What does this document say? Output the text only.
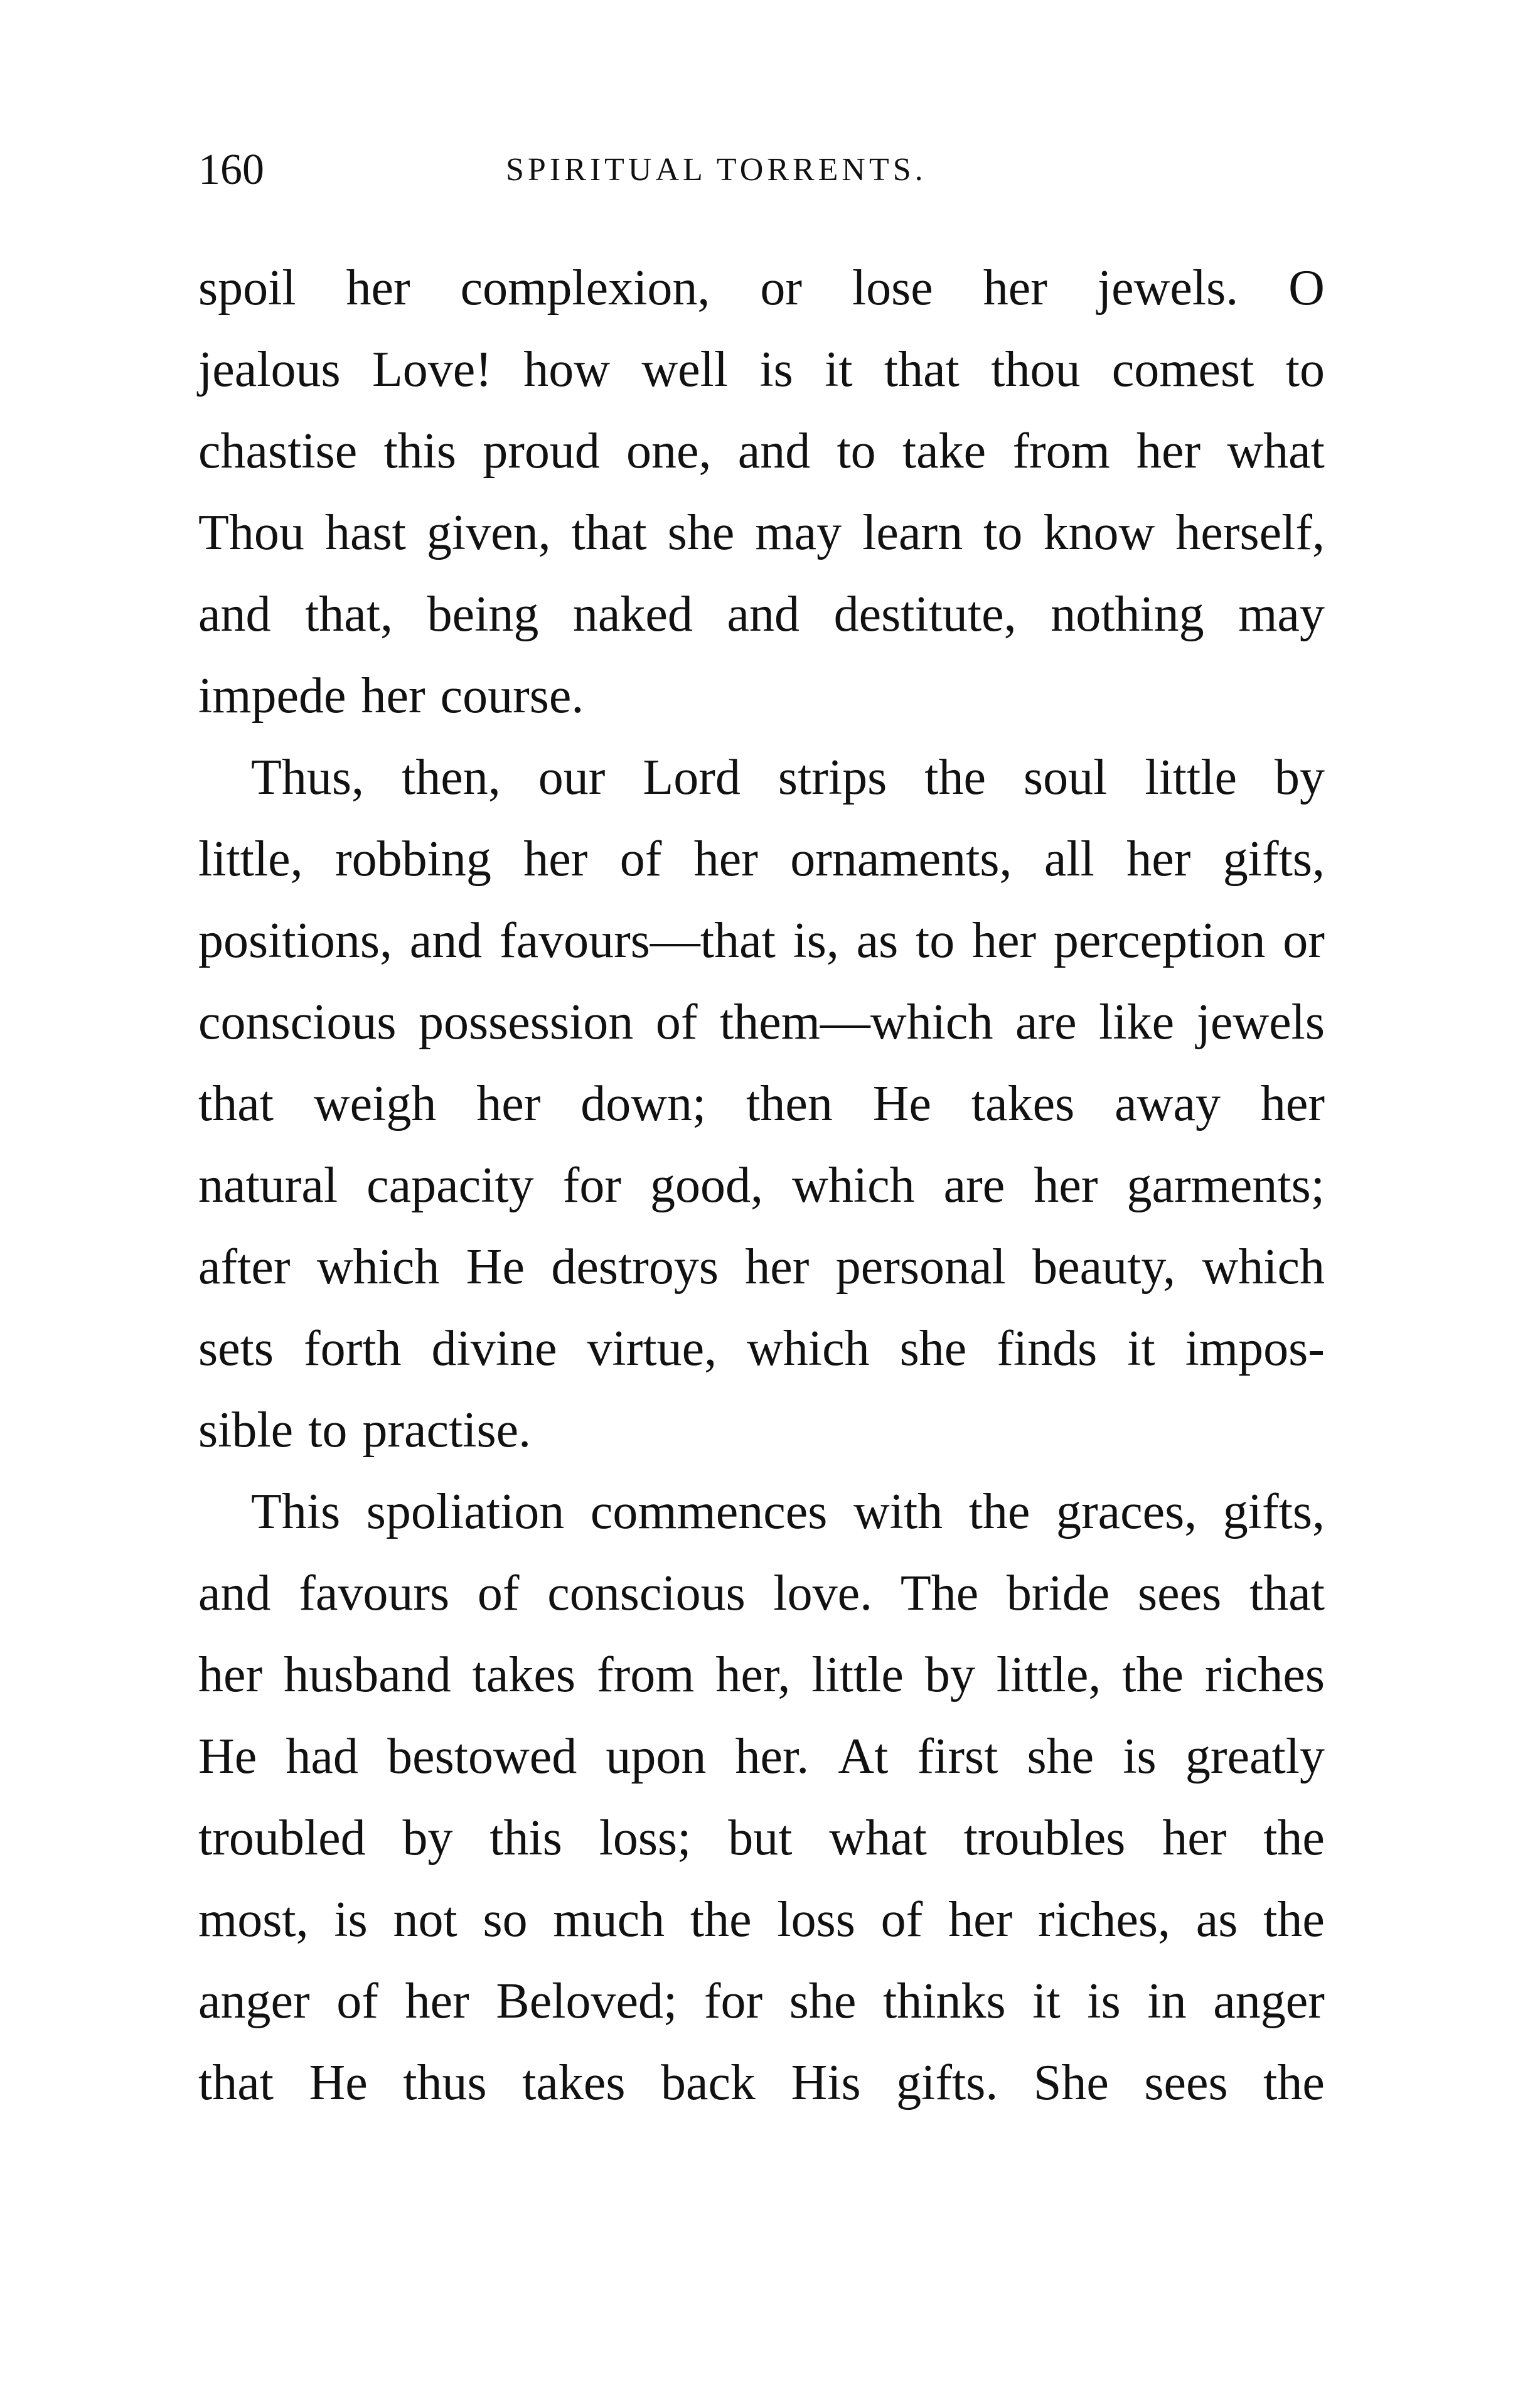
160	SPIRITUAL TORRENTS.
spoil her complexion, or lose her jewels. O
jealous Love! how well is it that thou comest to
chastise this proud one, and to take from her what
Thou hast given, that she may learn to know herself,
and that, being naked and destitute, nothing may
impede her course.
Thus, then, our Lord strips the soul little by
little, robbing her of her ornaments, all her gifts,
positions, and favours—that is, as to her perception or
conscious possession of them—which are like jewels
that weigh her down; then He takes away her
natural capacity for good, which are her garments;
after which He destroys her personal beauty, which
sets forth divine virtue, which she finds it impos-
sible to practise.
This spoliation commences with the graces, gifts,
and favours of conscious love. The bride sees that
her husband takes from her, little by little, the riches
He had bestowed upon her. At first she is greatly
troubled by this loss; but what troubles her the
most, is not so much the loss of her riches, as the
anger of her Beloved; for she thinks it is in anger
that He thus takes back His gifts. She sees the
